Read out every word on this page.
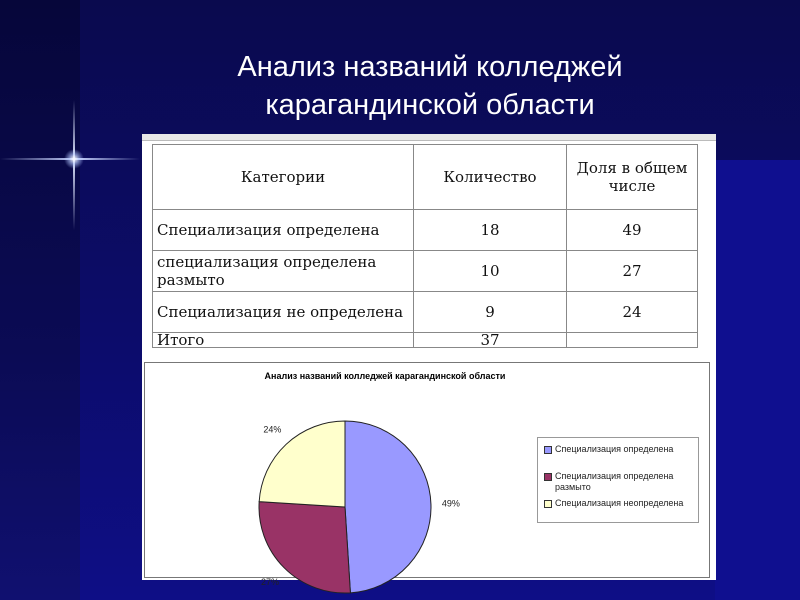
Анализ названий колледжей
карагандинской области
Категории	Количество	Доля в общем числе
Специализация определена	18	49
специализация определена размыто	10	27
Специализация не определена	9	24
Итого	37	
Анализ названий колледжей карагандинской области
49%
27%
24%
Специализация определена
Специализация определена размыто
Специализация неопределена
